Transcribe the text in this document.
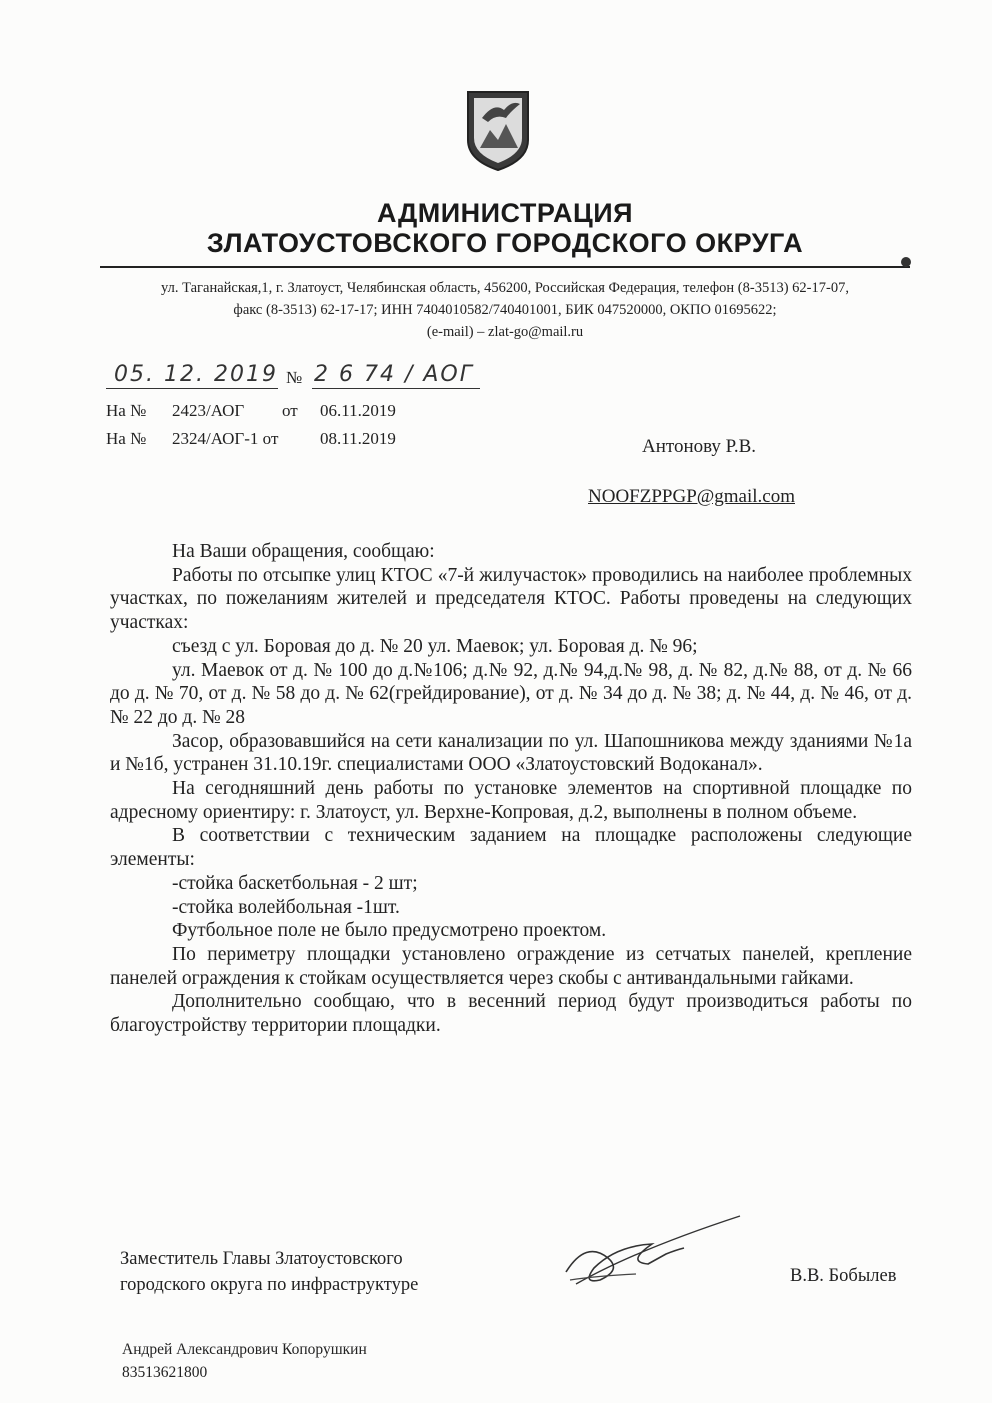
АДМИНИСТРАЦИЯ
ЗЛАТОУСТОВСКОГО ГОРОДСКОГО ОКРУГА
ул. Таганайская,1, г. Златоуст, Челябинская область, 456200, Российская Федерация, телефон (8-3513) 62-17-07,
факс (8-3513) 62-17-17; ИНН 7404010582/740401001, БИК 047520000, ОКПО 01695622;
(e-mail) – zlat-go@mail.ru
05. 12. 2019 № 2 6 74 / АОГ
На № 2423/АОГ от 06.11.2019
На № 2324/АОГ-1 от 08.11.2019	Антонову Р.В.
NOOFZPPGP@gmail.com

На Ваши обращения, сообщаю:

Работы по отсыпке улиц КТОС «7-й жилучасток» проводились на наиболее проблемных участках, по пожеланиям жителей и председателя КТОС. Работы проведены на следующих участках:

съезд с ул. Боровая до д. № 20 ул. Маевок; ул. Боровая д. № 96;

ул. Маевок от д. № 100 до д.№106; д.№ 92, д.№ 94,д.№ 98, д. № 82, д.№ 88, от д. № 66 до д. № 70, от д. № 58 до д. № 62(грейдирование), от д. № 34 до д. № 38; д. № 44, д. № 46, от д. № 22 до д. № 28

Засор, образовавшийся на сети канализации по ул. Шапошникова между зданиями №1а и №1б, устранен 31.10.19г. специалистами ООО «Златоустовский Водоканал».

На сегодняшний день работы по установке элементов на спортивной площадке по адресному ориентиру: г. Златоуст, ул. Верхне-Копровая, д.2, выполнены в полном объеме.

В соответствии с техническим заданием на площадке расположены следующие элементы:

-стойка баскетбольная - 2 шт;

-стойка волейбольная -1шт.

Футбольное поле не было предусмотрено проектом.

По периметру площадки установлено ограждение из сетчатых панелей, крепление панелей ограждения к стойкам осуществляется через скобы с антивандальными гайками.

Дополнительно сообщаю, что в весенний период будут производиться работы по благоустройству территории площадки.

Заместитель Главы Златоустовского
городского округа по инфраструктуре	В.В. Бобылев
Андрей Александрович Копорушкин
83513621800
